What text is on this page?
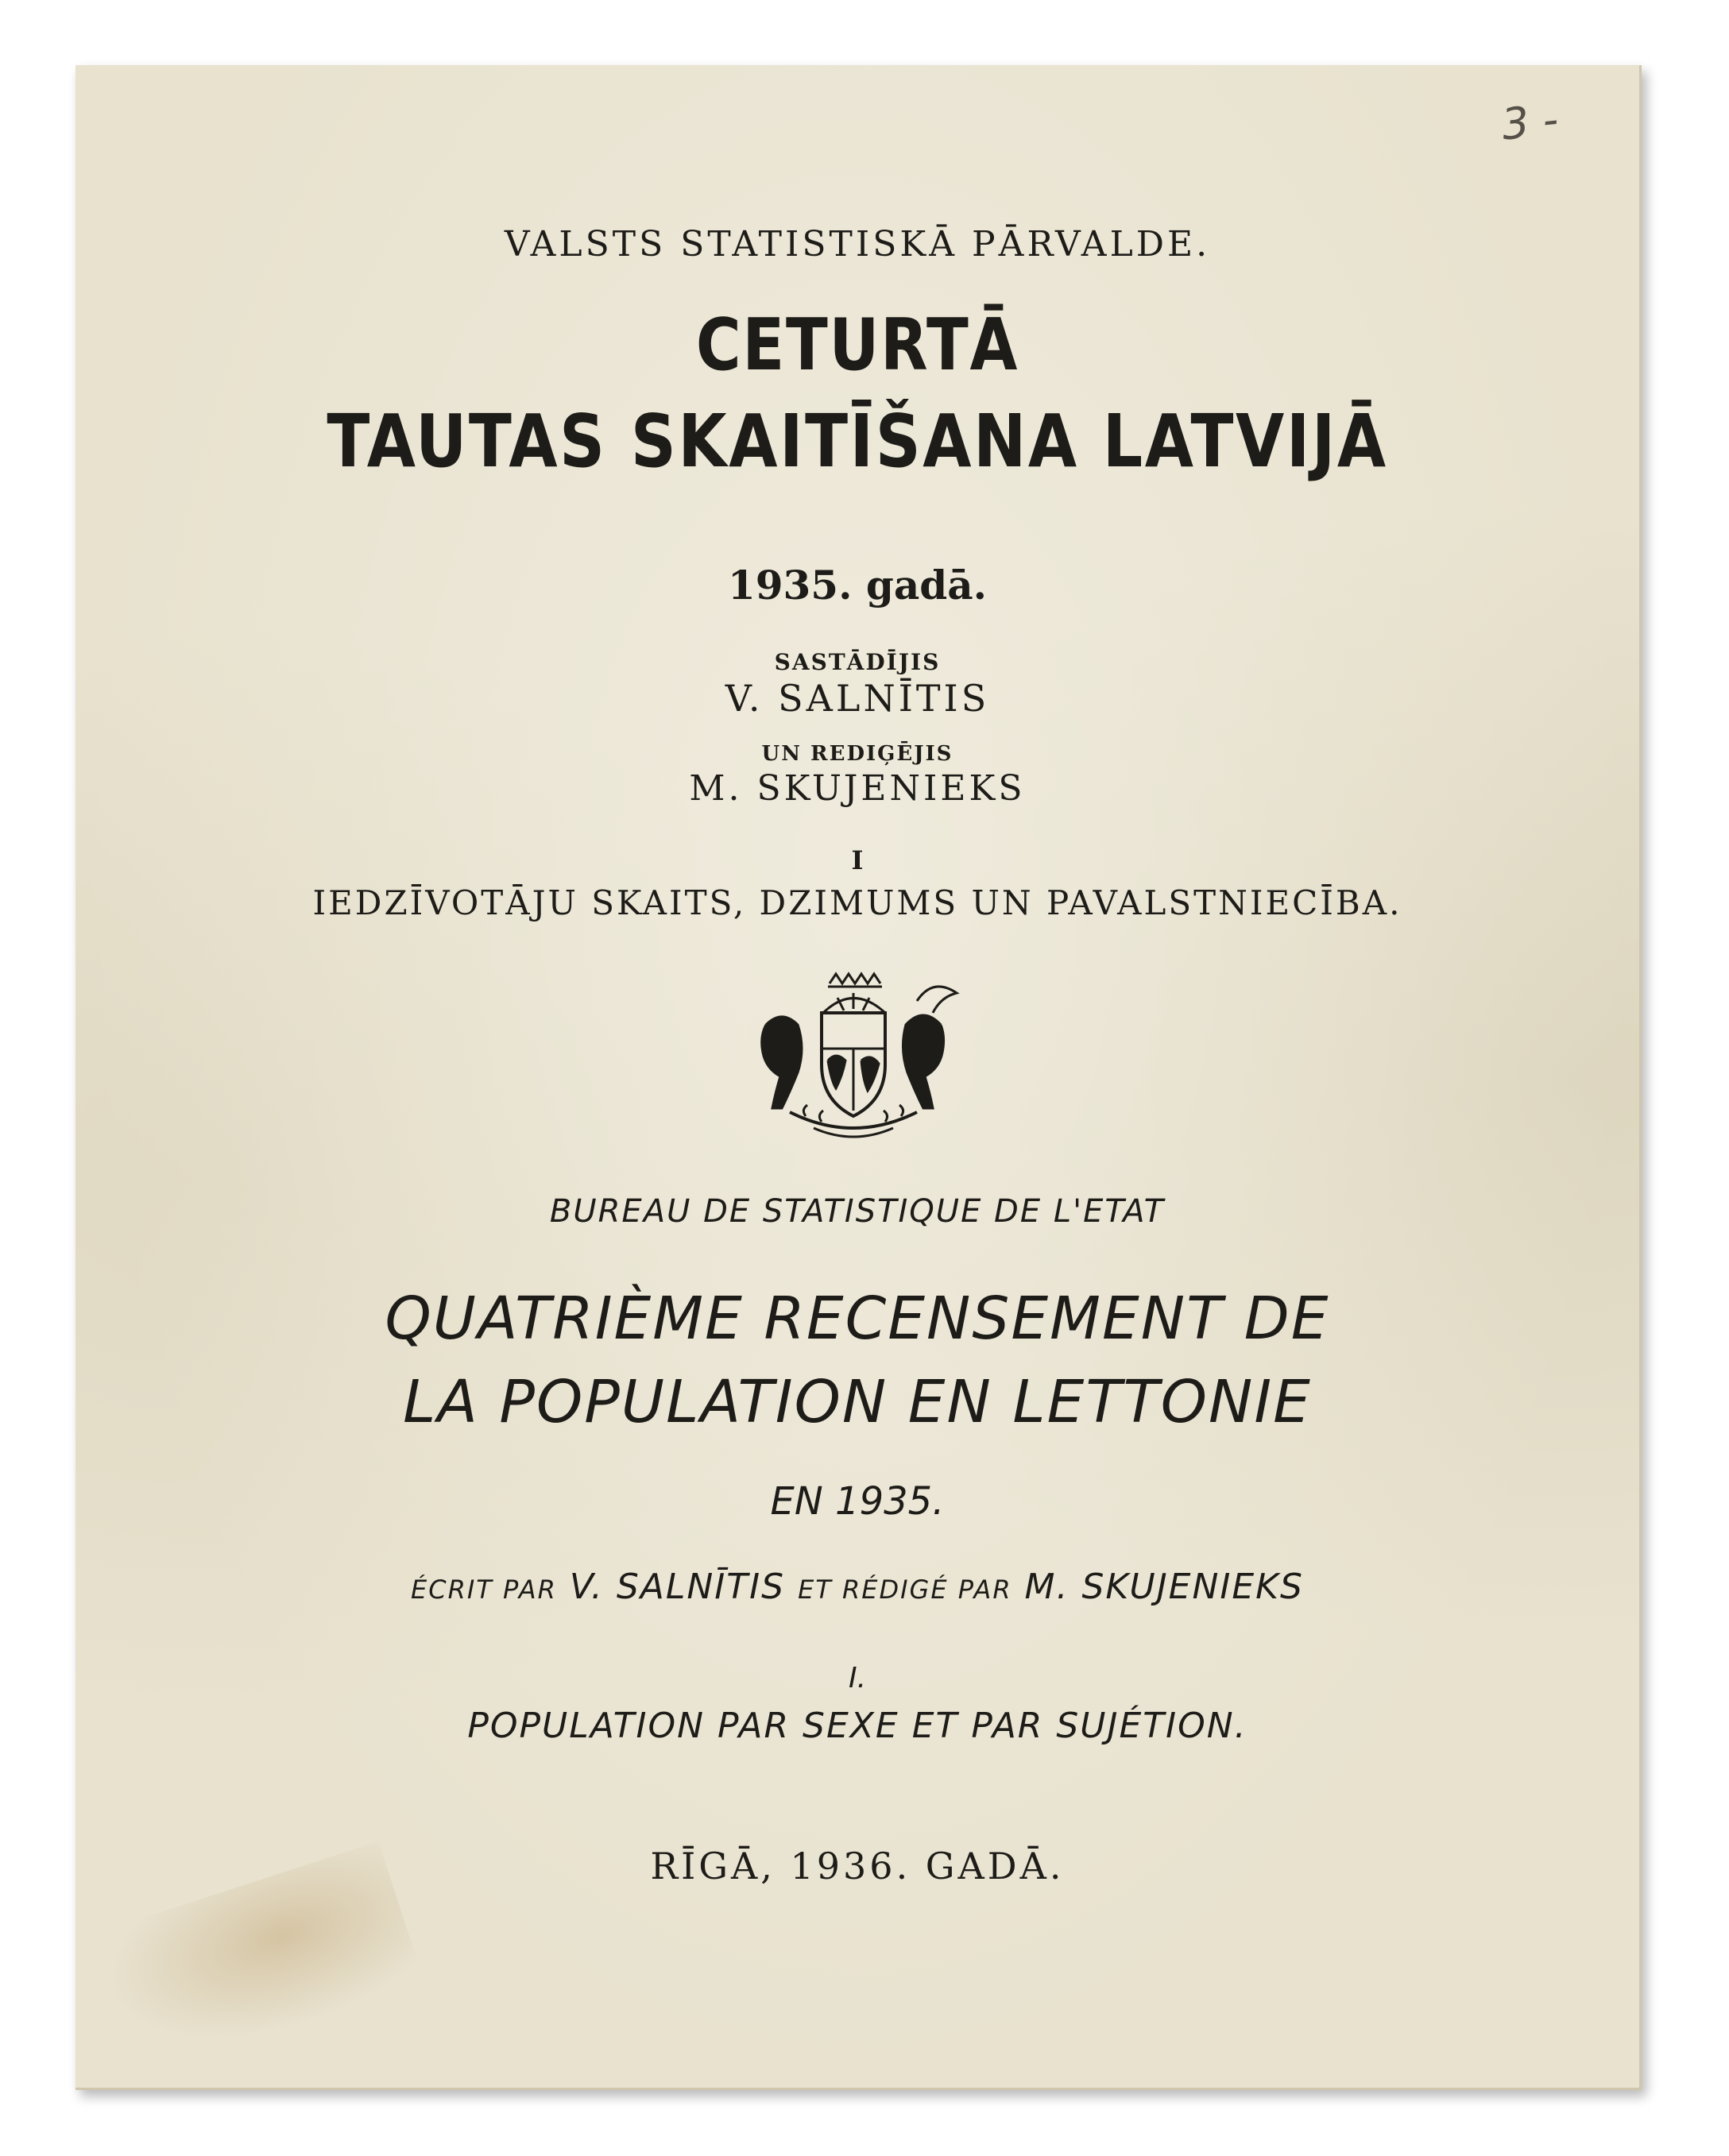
3 -

VALSTS STATISTISKĀ PĀRVALDE.

CETURTĀ

TAUTAS SKAITĪŠANA LATVIJĀ

1935. gadā.

SASTĀDĪJIS

V. SALNĪTIS

UN REDIĢĒJIS

M. SKUJENIEKS

I

IEDZĪVOTĀJU SKAITS, DZIMUMS UN PAVALSTNIECĪBA.

BUREAU DE STATISTIQUE DE L'ETAT

QUATRIÈME RECENSEMENT DE

LA POPULATION EN LETTONIE

EN 1935.

ÉCRIT PAR V. SALNĪTIS ET RÉDIGÉ PAR M. SKUJENIEKS

I.

POPULATION PAR SEXE ET PAR SUJÉTION.

RĪGĀ, 1936. GADĀ.
